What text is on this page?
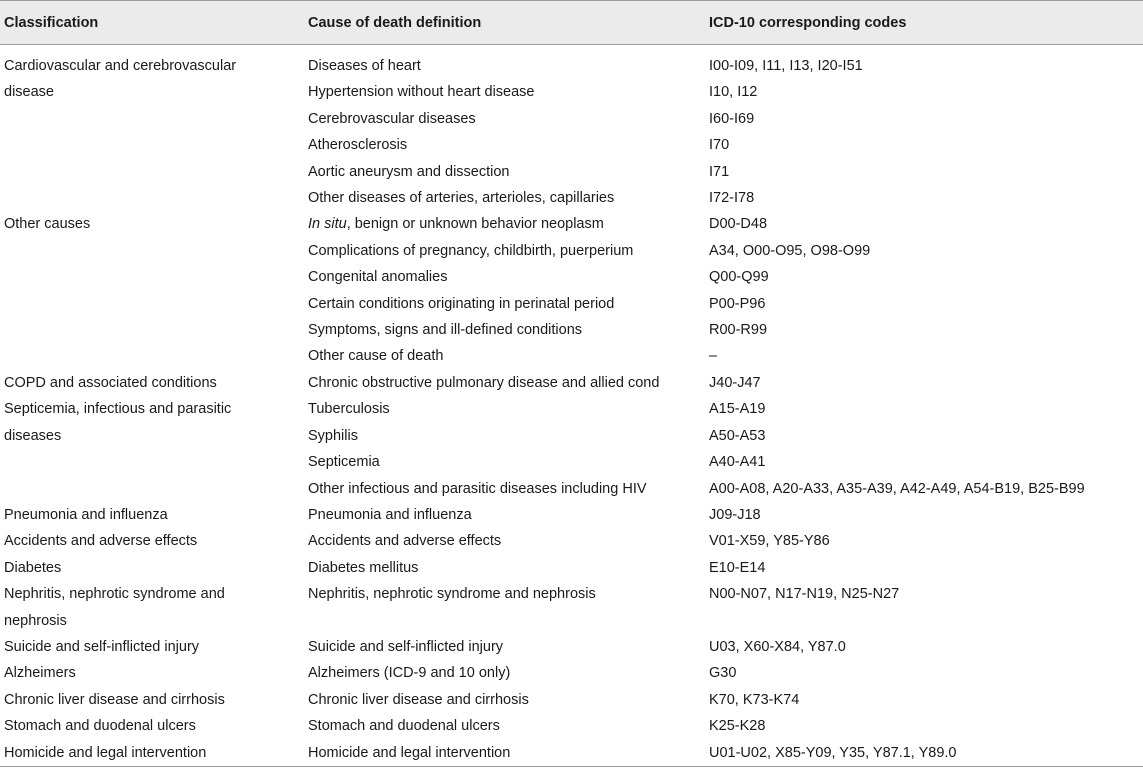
Classification	Cause of death definition	ICD-10 corresponding codes

Cardiovascular and cerebrovascular disease	Diseases of heart	I00-I09, I11, I13, I20-I51
	Hypertension without heart disease	I10, I12
	Cerebrovascular diseases	I60-I69
	Atherosclerosis	I70
	Aortic aneurysm and dissection	I71
	Other diseases of arteries, arterioles, capillaries	I72-I78
Other causes	In situ, benign or unknown behavior neoplasm	D00-D48
	Complications of pregnancy, childbirth, puerperium	A34, O00-O95, O98-O99
	Congenital anomalies	Q00-Q99
	Certain conditions originating in perinatal period	P00-P96
	Symptoms, signs and ill-defined conditions	R00-R99
	Other cause of death	–
COPD and associated conditions	Chronic obstructive pulmonary disease and allied cond	J40-J47
Septicemia, infectious and parasitic diseases	Tuberculosis	A15-A19
	Syphilis	A50-A53
	Septicemia	A40-A41
	Other infectious and parasitic diseases including HIV	A00-A08, A20-A33, A35-A39, A42-A49, A54-B19, B25-B99
Pneumonia and influenza	Pneumonia and influenza	J09-J18
Accidents and adverse effects	Accidents and adverse effects	V01-X59, Y85-Y86
Diabetes	Diabetes mellitus	E10-E14
Nephritis, nephrotic syndrome and nephrosis	Nephritis, nephrotic syndrome and nephrosis	N00-N07, N17-N19, N25-N27
Suicide and self-inflicted injury	Suicide and self-inflicted injury	U03, X60-X84, Y87.0
Alzheimers	Alzheimers (ICD-9 and 10 only)	G30
Chronic liver disease and cirrhosis	Chronic liver disease and cirrhosis	K70, K73-K74
Stomach and duodenal ulcers	Stomach and duodenal ulcers	K25-K28
Homicide and legal intervention	Homicide and legal intervention	U01-U02, X85-Y09, Y35, Y87.1, Y89.0
